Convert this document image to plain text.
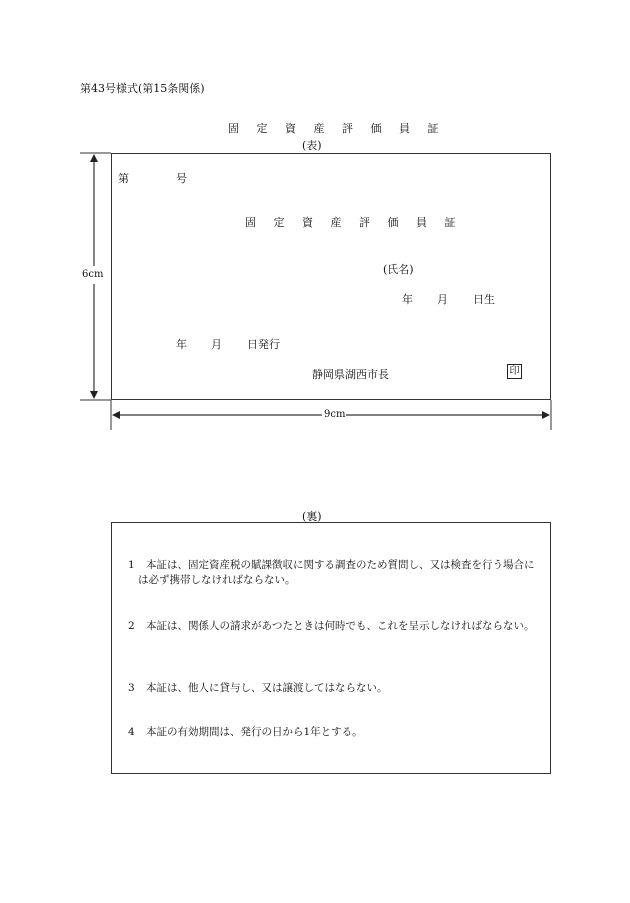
第43号様式(第15条関係)
固 定 資 産 評 価 員 証
(表)
第	号
固 定 資 産 評 価 員 証
(氏名)
年 月 日生
年 月 日発行
静岡県湖西市長	印
6cm
9cm
(裏)
1	本証は、固定資産税の賦課徴収に関する調査のため質問し、又は検査を行う場合には必ず携帯しなければならない。
2	本証は、関係人の請求があつたときは何時でも、これを呈示しなければならない。
3	本証は、他人に貸与し、又は譲渡してはならない。
4	本証の有効期間は、発行の日から1年とする。
